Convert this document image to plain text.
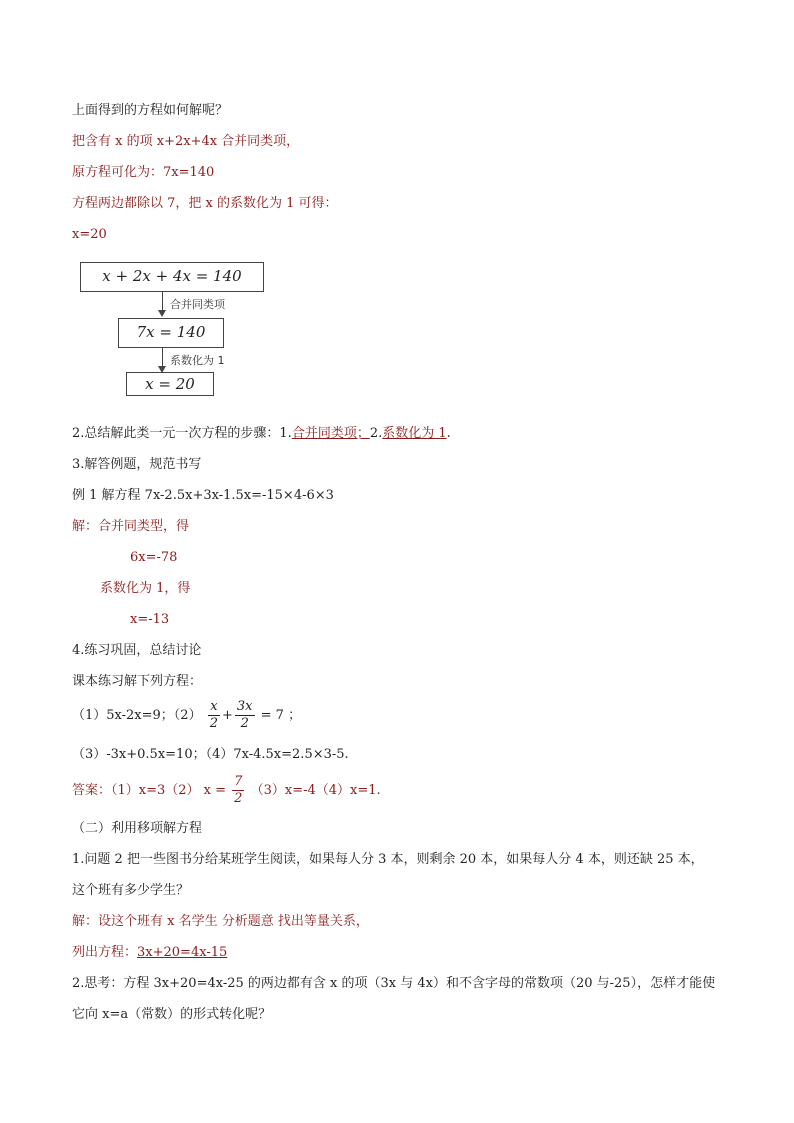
上面得到的方程如何解呢？
把含有 x 的项 x+2x+4x 合并同类项，
原方程可化为：7x=140
方程两边都除以 7，把 x 的系数化为 1 可得：
x=20
x + 2x + 4x = 140
合并同类项
7x = 140
系数化为 1
x = 20
2.总结解此类一元一次方程的步骤：1.合并同类项；2.系数化为 1.
3.解答例题，规范书写
例 1 解方程 7x-2.5x+3x-1.5x=-15×4-6×3
解：合并同类型，得
6x=-78
系数化为 1，得
x=-13
4.练习巩固，总结讨论
课本练习解下列方程：
（1）5x-2x=9；$(2) \frac{x}{2} + \frac{3x}{2} = 7$ ；
（3）-3x+0.5x=10；（4）7x-4.5x=2.5×3-5.
答案：（1）x=3（2） $x = \frac{7}{2} (3)x=-4(4)x=1$.
（二）利用移项解方程
1.问题 2 把一些图书分给某班学生阅读，如果每人分 3 本，则剩余 20 本，如果每人分 4 本，则还缺 25 本，
这个班有多少学生？
解：设这个班有 x 名学生 分析题意 找出等量关系，
列出方程：3x+20=4x-15
2.思考：方程 3x+20=4x-25 的两边都有含 x 的项（3x 与 4x）和不含字母的常数项（20 与-25），怎样才能使
它向 x=a（常数）的形式转化呢？
